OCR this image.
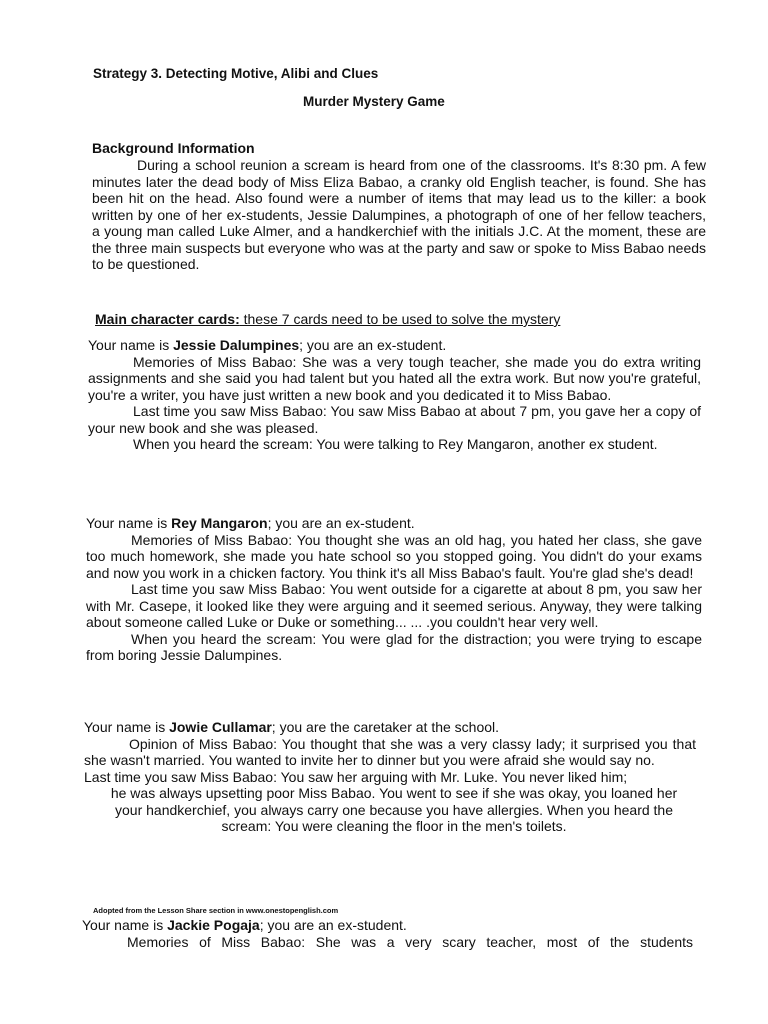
Strategy 3. Detecting Motive, Alibi and Clues
Murder Mystery Game
Background Information

During a school reunion a scream is heard from one of the classrooms. It's 8:30 pm. A few minutes later the dead body of Miss Eliza Babao, a cranky old English teacher, is found. She has been hit on the head. Also found were a number of items that may lead us to the killer: a book written by one of her ex-students, Jessie Dalumpines, a photograph of one of her fellow teachers, a young man called Luke Almer, and a handkerchief with the initials J.C. At the moment, these are the three main suspects but everyone who was at the party and saw or spoke to Miss Babao needs to be questioned.

Main character cards: these 7 cards need to be used to solve the mystery

Your name is Jessie Dalumpines; you are an ex-student.

Memories of Miss Babao: She was a very tough teacher, she made you do extra writing assignments and she said you had talent but you hated all the extra work. But now you're grateful, you're a writer, you have just written a new book and you dedicated it to Miss Babao.

Last time you saw Miss Babao: You saw Miss Babao at about 7 pm, you gave her a copy of your new book and she was pleased.

When you heard the scream: You were talking to Rey Mangaron, another ex student.

Your name is Rey Mangaron; you are an ex-student.

Memories of Miss Babao: You thought she was an old hag, you hated her class, she gave too much homework, she made you hate school so you stopped going. You didn't do your exams and now you work in a chicken factory. You think it's all Miss Babao's fault. You're glad she's dead!

Last time you saw Miss Babao: You went outside for a cigarette at about 8 pm, you saw her with Mr. Casepe, it looked like they were arguing and it seemed serious. Anyway, they were talking about someone called Luke or Duke or something... ... .you couldn't hear very well.

When you heard the scream: You were glad for the distraction; you were trying to escape from boring Jessie Dalumpines.

Your name is Jowie Cullamar; you are the caretaker at the school.

Opinion of Miss Babao: You thought that she was a very classy lady; it surprised you that she wasn't married. You wanted to invite her to dinner but you were afraid she would say no.

Last time you saw Miss Babao: You saw her arguing with Mr. Luke. You never liked him;

he was always upsetting poor Miss Babao. You went to see if she was okay, you loaned her your handkerchief, you always carry one because you have allergies. When you heard the scream: You were cleaning the floor in the men's toilets.

Adopted from the Lesson Share section in www.onestopenglish.com

Your name is Jackie Pogaja; you are an ex-student.

Memories of Miss Babao: She was a very scary teacher, most of the students
